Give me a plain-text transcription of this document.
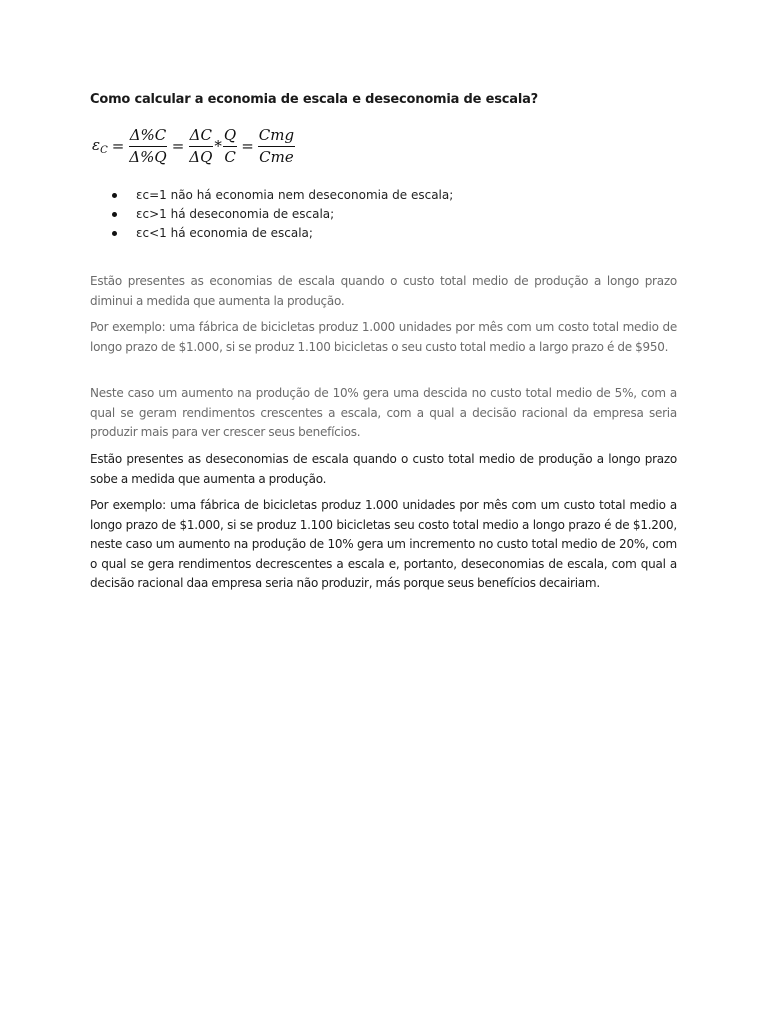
Como calcular a economia de escala e deseconomia de escala?
$\varepsilon_C = \frac{\Delta\%C}{\Delta\%Q} = \frac{\Delta C}{\Delta Q} * \frac{Q}{C} = \frac{\text{Cmg}}{\text{Cme}}$
εc=1 não há economia nem deseconomia de escala;
εc>1 há deseconomia de escala;
εc<1 há economia de escala;

Estão presentes as economias de escala quando o custo total medio de produção a longo prazo diminui a medida que aumenta la produção.

Por exemplo: uma fábrica de bicicletas produz 1.000 unidades por mês com um costo total medio de longo prazo de $1.000, si se produz 1.100 bicicletas o seu custo total medio a largo prazo é de $950.

Neste caso um aumento na produção de 10% gera uma descida no custo total medio de 5%, com a qual se geram rendimentos crescentes a escala, com a qual a decisão racional da empresa seria produzir mais para ver crescer seus benefícios.

Estão presentes as deseconomias de escala quando o custo total medio de produção a longo prazo sobe a medida que aumenta a produção.

Por exemplo: uma fábrica de bicicletas produz 1.000 unidades por mês com um custo total medio a longo prazo de $1.000, si se produz 1.100 bicicletas seu costo total medio a longo prazo é de $1.200, neste caso um aumento na produção de 10% gera um incremento no custo total medio de 20%, com o qual se gera rendimentos decrescentes a escala e, portanto, deseconomias de escala, com qual a decisão racional daa empresa seria não produzir, más porque seus benefícios decairiam.
